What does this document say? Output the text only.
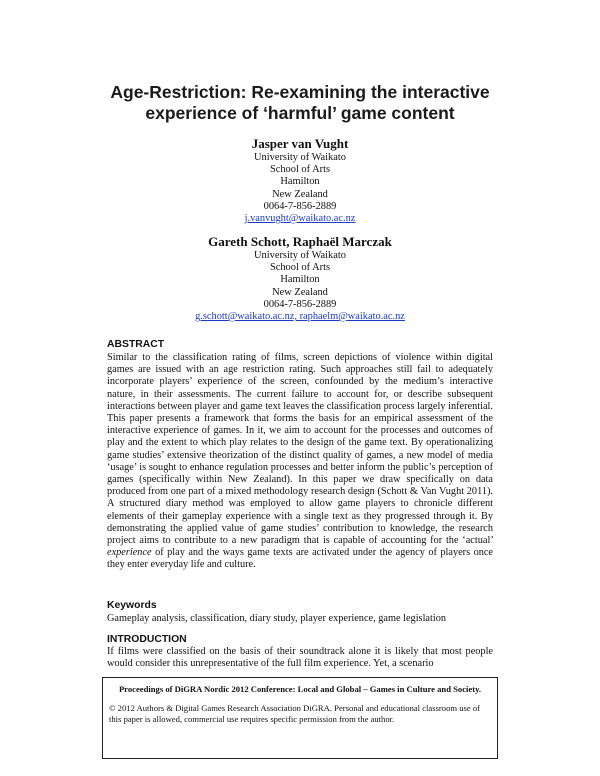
Age-Restriction: Re-examining the interactive
experience of ‘harmful’ game content
Jasper van Vught
University of Waikato
School of Arts
Hamilton
New Zealand
0064-7-856-2889
j.vanvught@waikato.ac.nz
Gareth Schott, Raphaël Marczak
University of Waikato
School of Arts
Hamilton
New Zealand
0064-7-856-2889
g.schott@waikato.ac.nz, raphaelm@waikato.ac.nz
ABSTRACT
Similar to the classification rating of films, screen depictions of violence within digital games are issued with an age restriction rating. Such approaches still fail to adequately incorporate players’ experience of the screen, confounded by the medium’s interactive nature, in their assessments. The current failure to account for, or describe subsequent interactions between player and game text leaves the classification process largely inferential. This paper presents a framework that forms the basis for an empirical assessment of the interactive experience of games. In it, we aim to account for the processes and outcomes of play and the extent to which play relates to the design of the game text. By operationalizing game studies’ extensive theorization of the distinct quality of games, a new model of media ‘usage’ is sought to enhance regulation processes and better inform the public’s perception of games (specifically within New Zealand). In this paper we draw specifically on data produced from one part of a mixed methodology research design (Schott & Van Vught 2011). A structured diary method was employed to allow game players to chronicle different elements of their gameplay experience with a single text as they progressed through it. By demonstrating the applied value of game studies’ contribution to knowledge, the research project aims to contribute to a new paradigm that is capable of accounting for the ‘actual’ experience of play and the ways game texts are activated under the agency of players once they enter everyday life and culture.
Keywords
Gameplay analysis, classification, diary study, player experience, game legislation
INTRODUCTION
If films were classified on the basis of their soundtrack alone it is likely that most people would consider this unrepresentative of the full film experience. Yet, a scenario
Proceedings of DiGRA Nordic 2012 Conference: Local and Global – Games in Culture and Society.
© 2012 Authors & Digital Games Research Association DiGRA. Personal and educational classroom use of this paper is allowed, commercial use requires specific permission from the author.
